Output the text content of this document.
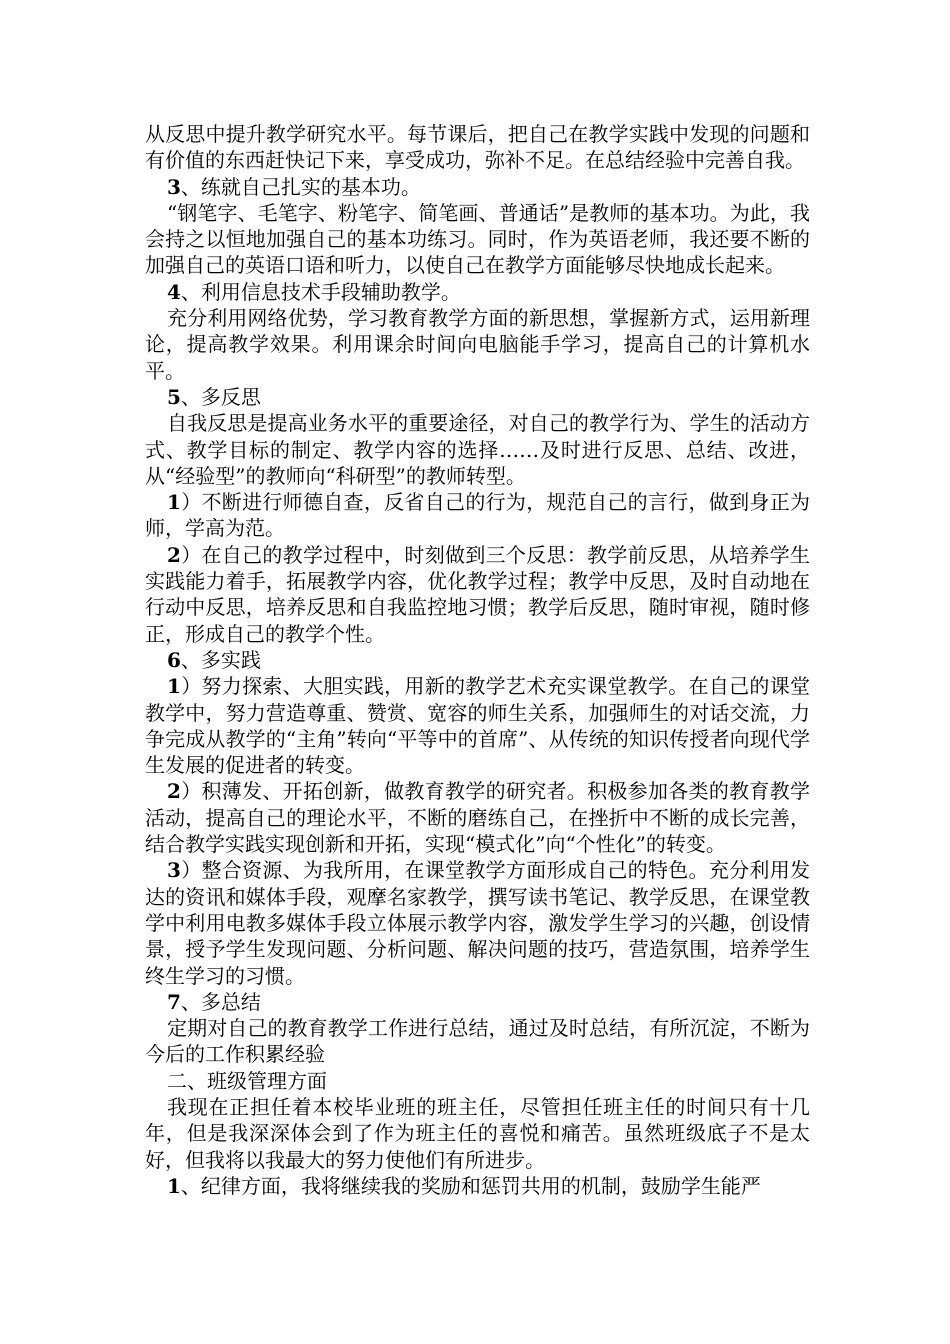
从反思中提升教学研究水平。每节课后，把自己在教学实践中发现的问题和有价值的东西赶快记下来，享受成功，弥补不足。在总结经验中完善自我。

3、练就自己扎实的基本功。

“钢笔字、毛笔字、粉笔字、简笔画、普通话”是教师的基本功。为此，我会持之以恒地加强自己的基本功练习。同时，作为英语老师，我还要不断的加强自己的英语口语和听力，以使自己在教学方面能够尽快地成长起来。

4、利用信息技术手段辅助教学。

充分利用网络优势，学习教育教学方面的新思想，掌握新方式，运用新理论，提高教学效果。利用课余时间向电脑能手学习，提高自己的计算机水平。

5、多反思

自我反思是提高业务水平的重要途径，对自己的教学行为、学生的活动方式、教学目标的制定、教学内容的选择……及时进行反思、总结、改进，从“经验型”的教师向“科研型”的教师转型。

1）不断进行师德自查，反省自己的行为，规范自己的言行，做到身正为师，学高为范。

2）在自己的教学过程中，时刻做到三个反思：教学前反思，从培养学生实践能力着手，拓展教学内容，优化教学过程；教学中反思，及时自动地在行动中反思，培养反思和自我监控地习惯；教学后反思，随时审视，随时修正，形成自己的教学个性。

6、多实践

1）努力探索、大胆实践，用新的教学艺术充实课堂教学。在自己的课堂教学中，努力营造尊重、赞赏、宽容的师生关系，加强师生的对话交流，力争完成从教学的“主角”转向“平等中的首席”、从传统的知识传授者向现代学生发展的促进者的转变。

2）积薄发、开拓创新，做教育教学的研究者。积极参加各类的教育教学活动，提高自己的理论水平，不断的磨练自己，在挫折中不断的成长完善，结合教学实践实现创新和开拓，实现“模式化”向“个性化”的转变。

3）整合资源、为我所用，在课堂教学方面形成自己的特色。充分利用发达的资讯和媒体手段，观摩名家教学，撰写读书笔记、教学反思，在课堂教学中利用电教多媒体手段立体展示教学内容，激发学生学习的兴趣，创设情景，授予学生发现问题、分析问题、解决问题的技巧，营造氛围，培养学生终生学习的习惯。

7、多总结

定期对自己的教育教学工作进行总结，通过及时总结，有所沉淀，不断为今后的工作积累经验

二、班级管理方面

我现在正担任着本校毕业班的班主任，尽管担任班主任的时间只有十几年，但是我深深体会到了作为班主任的喜悦和痛苦。虽然班级底子不是太好，但我将以我最大的努力使他们有所进步。

1、纪律方面，我将继续我的奖励和惩罚共用的机制，鼓励学生能严
